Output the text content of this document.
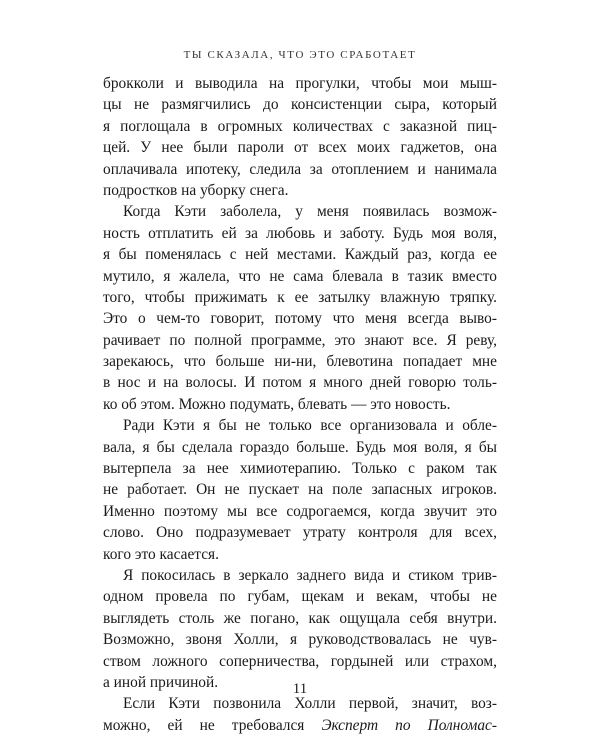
ТЫ СКАЗАЛА, ЧТО ЭТО СРАБОТАЕТ
брокколи и выводила на прогулки, чтобы мои мыш-
цы не размягчились до консистенции сыра, который
я поглощала в огромных количествах с заказной пиц-
цей. У нее были пароли от всех моих гаджетов, она
оплачивала ипотеку, следила за отоплением и нанимала
подростков на уборку снега.
Когда Кэти заболела, у меня появилась возмож-
ность отплатить ей за любовь и заботу. Будь моя воля,
я бы поменялась с ней местами. Каждый раз, когда ее
мутило, я жалела, что не сама блевала в тазик вместо
того, чтобы прижимать к ее затылку влажную тряпку.
Это о чем-то говорит, потому что меня всегда выво-
рачивает по полной программе, это знают все. Я реву,
зарекаюсь, что больше ни-ни, блевотина попадает мне
в нос и на волосы. И потом я много дней говорю толь-
ко об этом. Можно подумать, блевать — это новость.
Ради Кэти я бы не только все организовала и обле-
вала, я бы сделала гораздо больше. Будь моя воля, я бы
вытерпела за нее химиотерапию. Только с раком так
не работает. Он не пускает на поле запасных игроков.
Именно поэтому мы все содрогаемся, когда звучит это
слово. Оно подразумевает утрату контроля для всех,
кого это касается.
Я покосилась в зеркало заднего вида и стиком трив-
одном провела по губам, щекам и векам, чтобы не
выглядеть столь же погано, как ощущала себя внутри.
Возможно, звоня Холли, я руководствовалась не чув-
ством ложного соперничества, гордыней или страхом,
а иной причиной.
Если Кэти позвонила Холли первой, значит, воз-
можно, ей не требовался Эксперт по Полномас-
11
